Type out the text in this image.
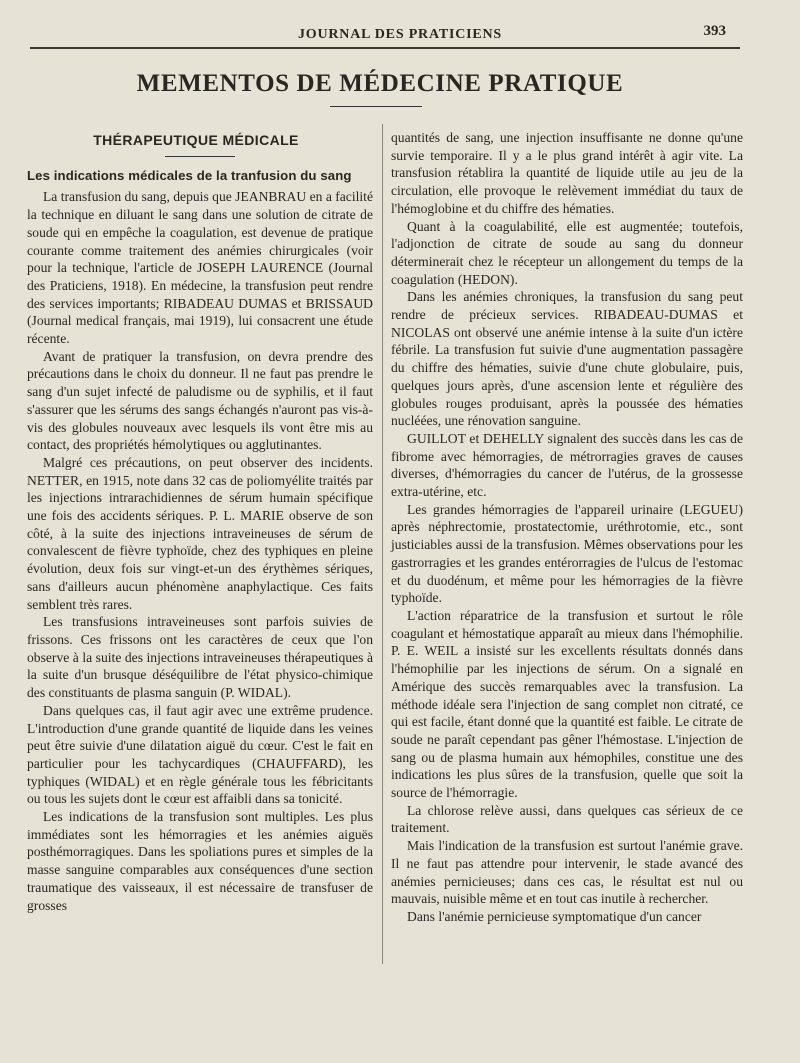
JOURNAL DES PRATICIENS	393
MEMENTOS DE MÉDECINE PRATIQUE
THÉRAPEUTIQUE MÉDICALE
Les indications médicales de la tranfusion du sang

La transfusion du sang, depuis que JEANBRAU en a facilité la technique en diluant le sang dans une solution de citrate de soude qui en empêche la coagulation, est devenue de pratique courante comme traitement des anémies chirurgicales (voir pour la technique, l'article de JOSEPH LAURENCE (Journal des Praticiens, 1918). En médecine, la transfusion peut rendre des services importants; RIBADEAU DUMAS et BRISSAUD (Journal medical français, mai 1919), lui consacrent une étude récente.

Avant de pratiquer la transfusion, on devra prendre des précautions dans le choix du donneur. Il ne faut pas prendre le sang d'un sujet infecté de paludisme ou de syphilis, et il faut s'assurer que les sérums des sangs échangés n'auront pas vis-à-vis des globules nouveaux avec lesquels ils vont être mis au contact, des propriétés hémolytiques ou agglutinantes.

Malgré ces précautions, on peut observer des incidents. NETTER, en 1915, note dans 32 cas de poliomyélite traités par les injections intrarachidiennes de sérum humain spécifique une fois des accidents sériques. P. L. MARIE observe de son côté, à la suite des injections intraveineuses de sérum de convalescent de fièvre typhoïde, chez des typhiques en pleine évolution, deux fois sur vingt-et-un des érythèmes sériques, sans d'ailleurs aucun phénomène anaphylactique. Ces faits semblent très rares.

Les transfusions intraveineuses sont parfois suivies de frissons. Ces frissons ont les caractères de ceux que l'on observe à la suite des injections intraveineuses thérapeutiques à la suite d'un brusque déséquilibre de l'état physico-chimique des constituants de plasma sanguin (P. WIDAL).

Dans quelques cas, il faut agir avec une extrême prudence. L'introduction d'une grande quantité de liquide dans les veines peut être suivie d'une dilatation aiguë du cœur. C'est le fait en particulier pour les tachycardiques (CHAUFFARD), les typhiques (WIDAL) et en règle générale tous les fébricitants ou tous les sujets dont le cœur est affaibli dans sa tonicité.

Les indications de la transfusion sont multiples. Les plus immédiates sont les hémorragies et les anémies aiguës posthémorragiques. Dans les spoliations pures et simples de la masse sanguine comparables aux conséquences d'une section traumatique des vaisseaux, il est nécessaire de transfuser de grosses

quantités de sang, une injection insuffisante ne donne qu'une survie temporaire. Il y a le plus grand intérêt à agir vite. La transfusion rétablira la quantité de liquide utile au jeu de la circulation, elle provoque le relèvement immédiat du taux de l'hémoglobine et du chiffre des hématies.

Quant à la coagulabilité, elle est augmentée; toutefois, l'adjonction de citrate de soude au sang du donneur déterminerait chez le récepteur un allongement du temps de la coagulation (HEDON).

Dans les anémies chroniques, la transfusion du sang peut rendre de précieux services. RIBADEAU-DUMAS et NICOLAS ont observé une anémie intense à la suite d'un ictère fébrile. La transfusion fut suivie d'une augmentation passagère du chiffre des hématies, suivie d'une chute globulaire, puis, quelques jours après, d'une ascension lente et régulière des globules rouges produisant, après la poussée des hématies nucléées, une rénovation sanguine.

GUILLOT et DEHELLY signalent des succès dans les cas de fibrome avec hémorragies, de métrorragies graves de causes diverses, d'hémorragies du cancer de l'utérus, de la grossesse extra-utérine, etc.

Les grandes hémorragies de l'appareil urinaire (LEGUEU) après néphrectomie, prostatectomie, uréthrotomie, etc., sont justiciables aussi de la transfusion. Mêmes observations pour les gastrorragies et les grandes entérorragies de l'ulcus de l'estomac et du duodénum, et même pour les hémorragies de la fièvre typhoïde.

L'action réparatrice de la transfusion et surtout le rôle coagulant et hémostatique apparaît au mieux dans l'hémophilie. P. E. WEIL a insisté sur les excellents résultats donnés dans l'hémophilie par les injections de sérum. On a signalé en Amérique des succès remarquables avec la transfusion. La méthode idéale sera l'injection de sang complet non citraté, ce qui est facile, étant donné que la quantité est faible. Le citrate de soude ne paraît cependant pas gêner l'hémostase. L'injection de sang ou de plasma humain aux hémophiles, constitue une des indications les plus sûres de la transfusion, quelle que soit la source de l'hémorragie.

La chlorose relève aussi, dans quelques cas sérieux de ce traitement.

Mais l'indication de la transfusion est surtout l'anémie grave. Il ne faut pas attendre pour intervenir, le stade avancé des anémies pernicieuses; dans ces cas, le résultat est nul ou mauvais, nuisible même et en tout cas inutile à rechercher.

Dans l'anémie pernicieuse symptomatique d'un cancer
